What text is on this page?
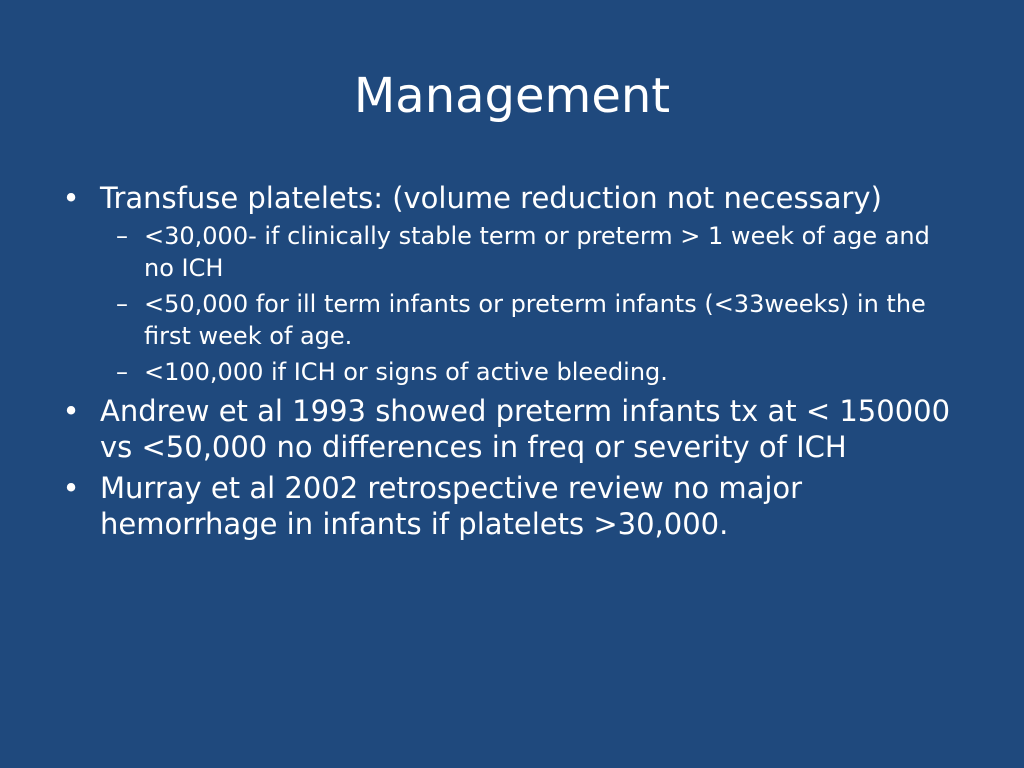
Management
• Transfuse platelets: (volume reduction not necessary)
– <30,000- if clinically stable term or preterm > 1 week of age and no ICH
– <50,000 for ill term infants or preterm infants (<33weeks) in the first week of age.
– <100,000 if ICH or signs of active bleeding.
• Andrew et al 1993 showed preterm infants tx at < 150000 vs <50,000 no differences in freq or severity of ICH
• Murray et al 2002 retrospective review no major hemorrhage in infants if platelets >30,000.
